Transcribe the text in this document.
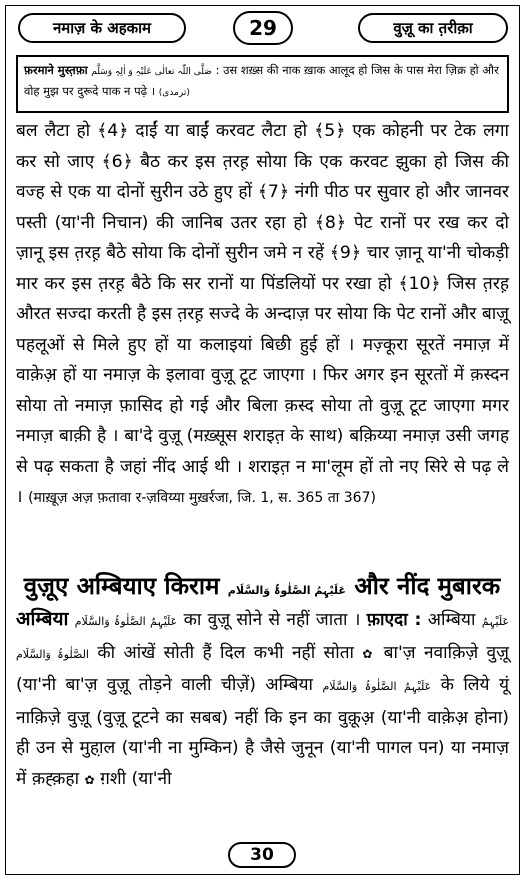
नमाज़ के अहकाम	29	वुज़ू का त़रीक़ा
फ़रमाने मुस्त़फ़ा صَلَّی اللّٰہ تعالٰی عَلَیْہِ وَ اٰلِہٖ وَسَلَّم : उस शख़्स की नाक ख़ाक आलूद हो जिस के पास मेरा ज़िक्र हो और वोह मुझ पर दुरूदे पाक न पढ़े । (ترمذی)

बल लैटा हो ﴾4﴿ दाईं या बाईं करवट लैटा हो ﴾5﴿ एक कोहनी पर टेक लगा कर सो जाए ﴾6﴿ बैठ कर इस त़रह़ सोया कि एक करवट झुका हो जिस की वज्ह से एक या दोनों सुरीन उठे हुए हों ﴾7﴿ नंगी पीठ पर सुवार हो और जानवर पस्ती (या'नी निचान) की जानिब उतर रहा हो ﴾8﴿ पेट रानों पर रख कर दो ज़ानू इस त़रह़ बैठे सोया कि दोनों सुरीन जमे न रहें ﴾9﴿ चार ज़ानू या'नी चोकड़ी मार कर इस त़रह़ बैठे कि सर रानों या पिंडलियों पर रखा हो ﴾10﴿ जिस त़रह़ औरत सज्दा करती है इस त़रह़ सज्दे के अन्दाज़ पर सोया कि पेट रानों और बाज़ू पहलूओं से मिले हुए हों या कलाइयां बिछी हुई हों । मज़्कूरा सूरतें नमाज़ में वाके़अ़ हों या नमाज़ के इलावा वुज़ू टूट जाएगा । फिर अगर इन सूरतों में क़स्दन सोया तो नमाज़ फ़ासिद हो गई और बिला क़स्द सोया तो वुज़ू टूट जाएगा मगर नमाज़ बाक़ी है । बा'दे वुज़ू (मख़्सूस शराइत़ के साथ) बक़िय्या नमाज़ उसी जगह से पढ़ सकता है जहां नींद आई थी । शराइत़ न मा'लूम हों तो नए सिरे से पढ़ ले । (माख़ूज़ अज़ फ़तावा र-ज़विय्या मुख़र्रजा, जि. 1, स. 365 ता 367)

वुज़ूए अम्बियाए किराम عَلَیْہِمُ الصَّلٰوۃُ وَالسَّلَام और नींद मुबारक

अम्बिया عَلَیْہِمُ الصَّلٰوۃُ وَالسَّلَام का वुज़ू सोने से नहीं जाता । फ़ाएदा : अम्बिया عَلَیْہِمُ الصَّلٰوۃُ وَالسَّلَام की आंखें सोती हैं दिल कभी नहीं सोता ✿ बा'ज़ नवाक़िज़े वुज़ू (या'नी बा'ज़ वुज़ू तोड़ने वाली चीज़ें) अम्बिया عَلَیْہِمُ الصَّلٰوۃُ وَالسَّلَام के लिये यूं नाक़िज़े वुज़ू (वुज़ू टूटने का सबब) नहीं कि इन का वुक़ूअ़ (या'नी वाक़ेअ़ होना) ही उन से मुहा़ल (या'नी ना मुम्किन) है जैसे जुनून (या'नी पागल पन) या नमाज़ में क़ह्क़हा ✿ ग़शी (या'नी

30
